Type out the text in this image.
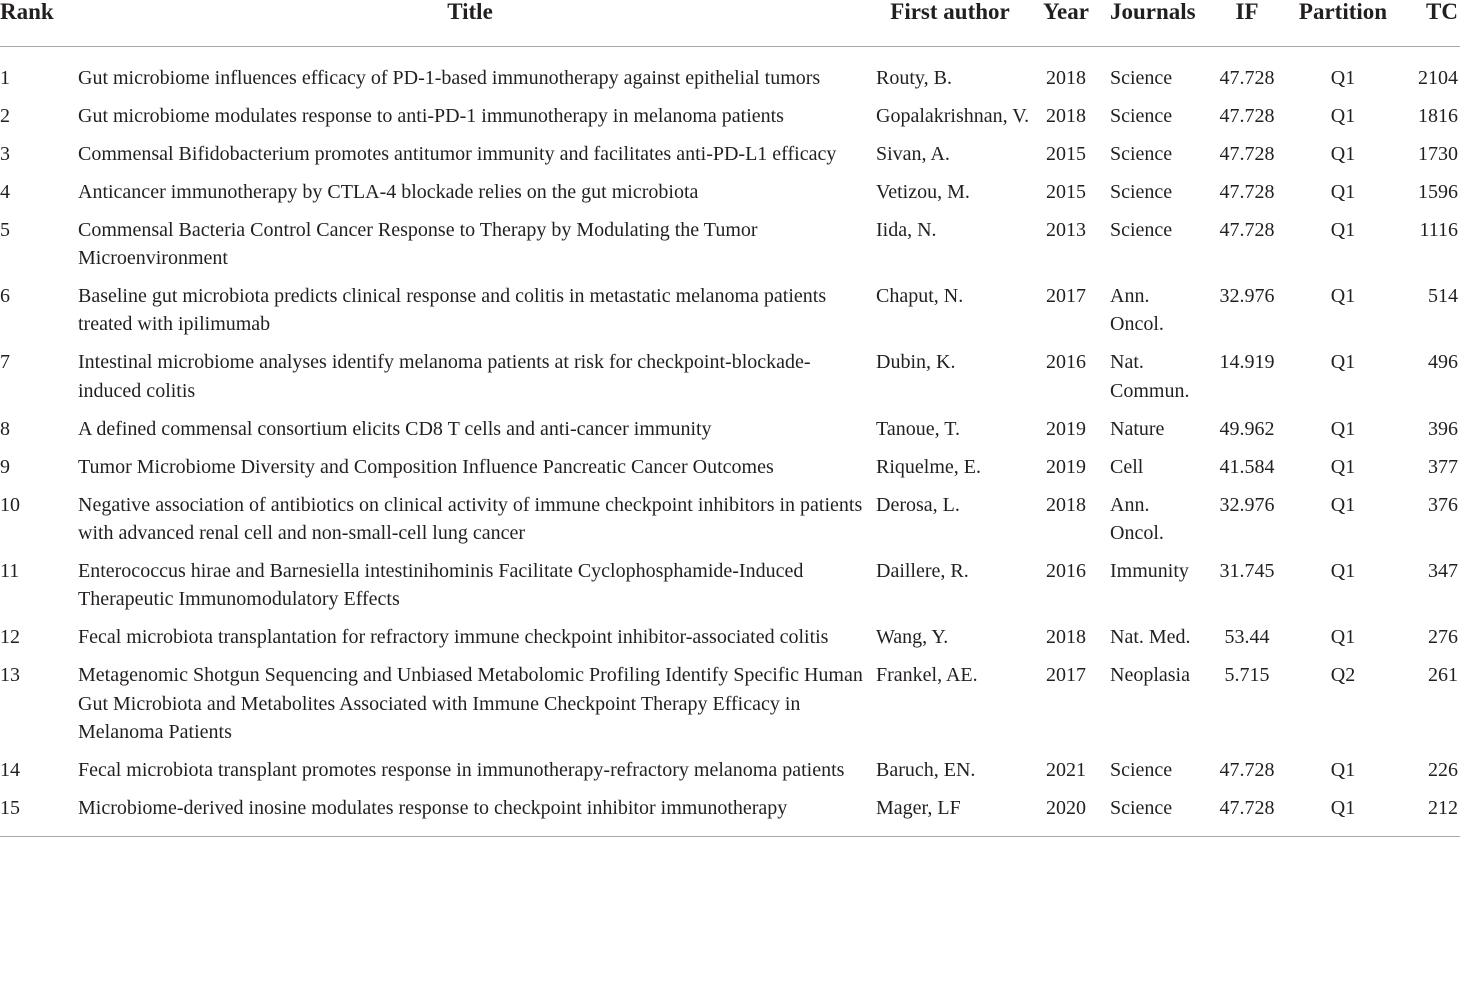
Rank	Title	First author	Year	Journals	IF	Partition	TC
1	Gut microbiome influences efficacy of PD-1-based immunotherapy against epithelial tumors	Routy, B.	2018	Science	47.728	Q1	2104
2	Gut microbiome modulates response to anti-PD-1 immunotherapy in melanoma patients	Gopalakrishnan, V.	2018	Science	47.728	Q1	1816
3	Commensal Bifidobacterium promotes antitumor immunity and facilitates anti-PD-L1 efficacy	Sivan, A.	2015	Science	47.728	Q1	1730
4	Anticancer immunotherapy by CTLA-4 blockade relies on the gut microbiota	Vetizou, M.	2015	Science	47.728	Q1	1596
5	Commensal Bacteria Control Cancer Response to Therapy by Modulating the Tumor Microenvironment	Iida, N.	2013	Science	47.728	Q1	1116
6	Baseline gut microbiota predicts clinical response and colitis in metastatic melanoma patients treated with ipilimumab	Chaput, N.	2017	Ann. Oncol.	32.976	Q1	514
7	Intestinal microbiome analyses identify melanoma patients at risk for checkpoint-blockade-induced colitis	Dubin, K.	2016	Nat. Commun.	14.919	Q1	496
8	A defined commensal consortium elicits CD8 T cells and anti-cancer immunity	Tanoue, T.	2019	Nature	49.962	Q1	396
9	Tumor Microbiome Diversity and Composition Influence Pancreatic Cancer Outcomes	Riquelme, E.	2019	Cell	41.584	Q1	377
10	Negative association of antibiotics on clinical activity of immune checkpoint inhibitors in patients with advanced renal cell and non-small-cell lung cancer	Derosa, L.	2018	Ann. Oncol.	32.976	Q1	376
11	Enterococcus hirae and Barnesiella intestinihominis Facilitate Cyclophosphamide-Induced Therapeutic Immunomodulatory Effects	Daillere, R.	2016	Immunity	31.745	Q1	347
12	Fecal microbiota transplantation for refractory immune checkpoint inhibitor-associated colitis	Wang, Y.	2018	Nat. Med.	53.44	Q1	276
13	Metagenomic Shotgun Sequencing and Unbiased Metabolomic Profiling Identify Specific Human Gut Microbiota and Metabolites Associated with Immune Checkpoint Therapy Efficacy in Melanoma Patients	Frankel, AE.	2017	Neoplasia	5.715	Q2	261
14	Fecal microbiota transplant promotes response in immunotherapy-refractory melanoma patients	Baruch, EN.	2021	Science	47.728	Q1	226
15	Microbiome-derived inosine modulates response to checkpoint inhibitor immunotherapy	Mager, LF	2020	Science	47.728	Q1	212
